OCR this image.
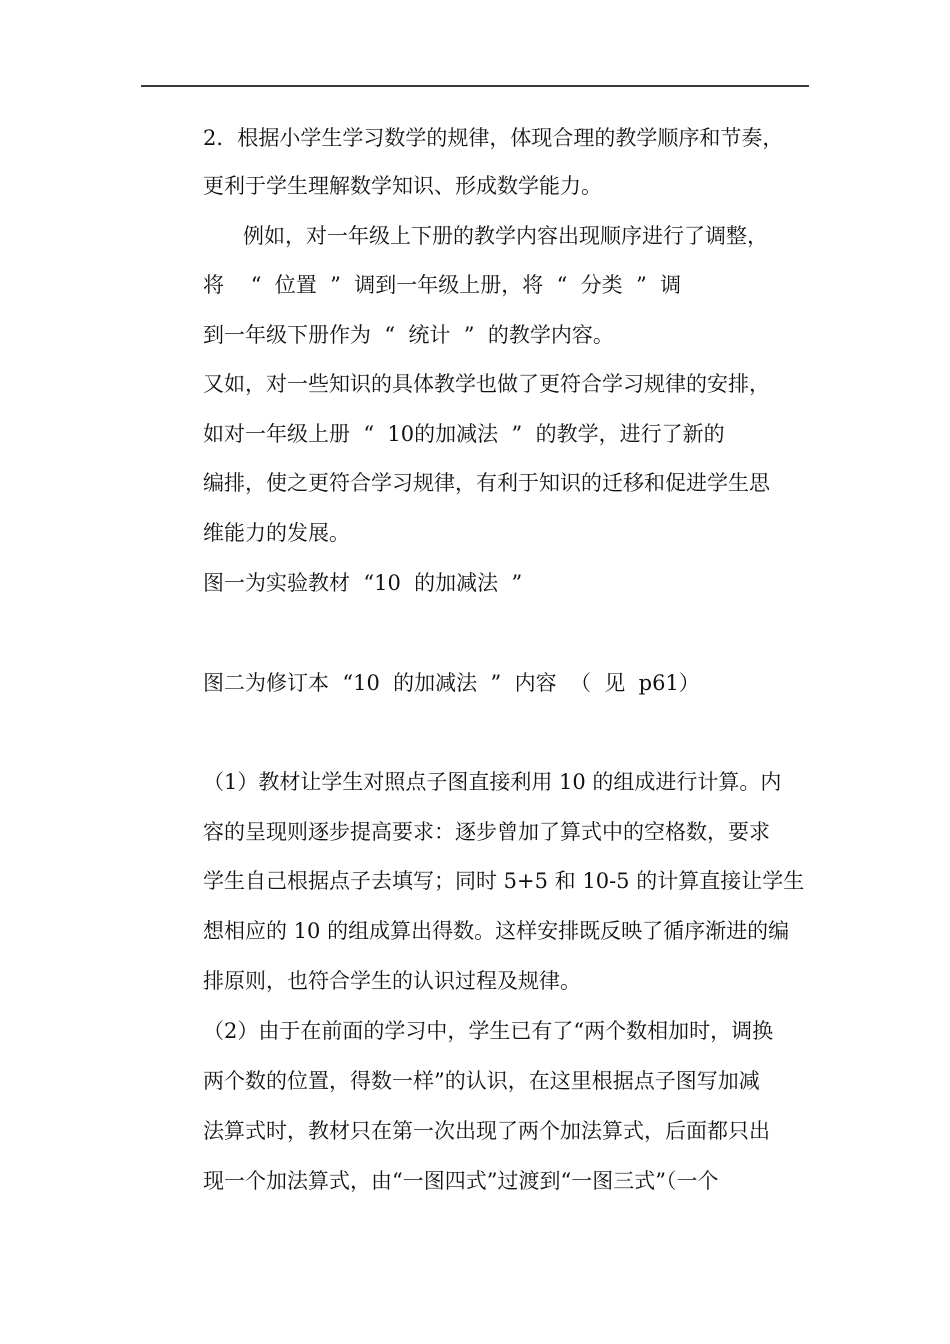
2．根据小学生学习数学的规律，体现合理的教学顺序和节奏，
更利于学生理解数学知识、形成数学能力。
例如，对一年级上下册的教学内容出现顺序进行了调整，
将    “  位置  ”  调到一年级上册，将  “  分类  ”  调
到一年级下册作为  “  统计  ”  的教学内容。
又如，对一些知识的具体教学也做了更符合学习规律的安排，
如对一年级上册  “  10的加减法  ”  的教学，进行了新的
编排，使之更符合学习规律，有利于知识的迁移和促进学生思
维能力的发展。
图一为实验教材  “10  的加减法  ”
图二为修订本  “10  的加减法  ”  内容  （  见  p61）
（1）教材让学生对照点子图直接利用 10 的组成进行计算。内
容的呈现则逐步提高要求：逐步曾加了算式中的空格数，要求
学生自己根据点子去填写；同时 5+5 和 10-5 的计算直接让学生
想相应的 10 的组成算出得数。这样安排既反映了循序渐进的编
排原则，也符合学生的认识过程及规律。
（2）由于在前面的学习中，学生已有了“两个数相加时，调换
两个数的位置，得数一样”的认识，在这里根据点子图写加减
法算式时，教材只在第一次出现了两个加法算式，后面都只出
现一个加法算式，由“一图四式”过渡到“一图三式”（一个
